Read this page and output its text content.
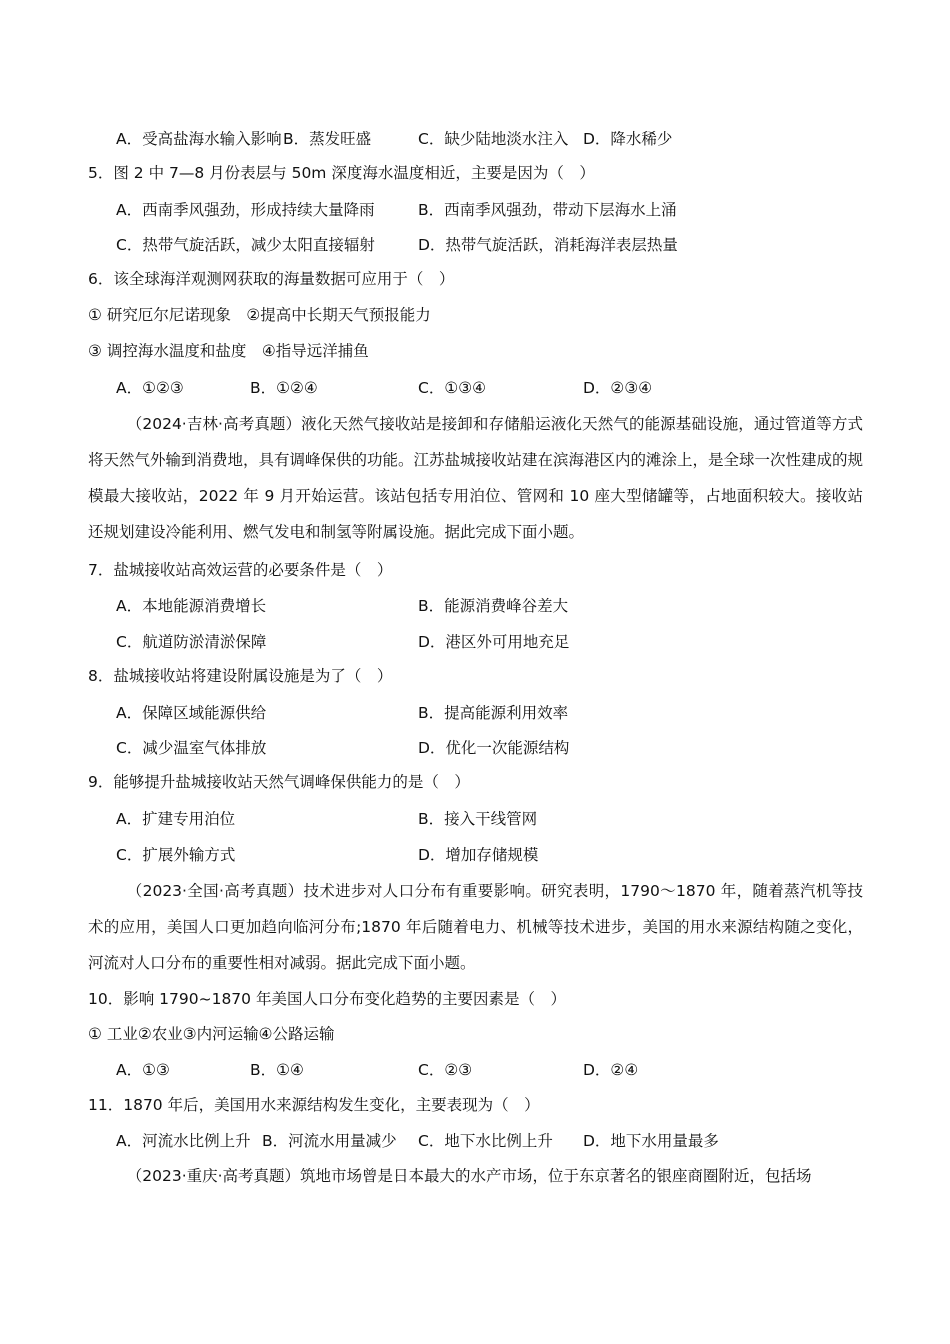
A．受高盐海水输入影响 B．蒸发旺盛	C．缺少陆地淡水注入 D．降水稀少
5．图 2 中 7—8 月份表层与 50m 深度海水温度相近，主要是因为（　）
A．西南季风强劲，形成持续大量降雨	B．西南季风强劲，带动下层海水上涌
C．热带气旋活跃，减少太阳直接辐射	D．热带气旋活跃，消耗海洋表层热量
6．该全球海洋观测网获取的海量数据可应用于（　）
① 研究厄尔尼诺现象　②提高中长期天气预报能力
③ 调控海水温度和盐度　④指导远洋捕鱼
A．①②③	B．①②④	C．①③④	D．②③④
（2024·吉林·高考真题）液化天然气接收站是接卸和存储船运液化天然气的能源基础设施，通过管道等方式将天然气外输到消费地，具有调峰保供的功能。江苏盐城接收站建在滨海港区内的滩涂上，是全球一次性建成的规模最大接收站，2022 年 9 月开始运营。该站包括专用泊位、管网和 10 座大型储罐等，占地面积较大。接收站还规划建设冷能利用、燃气发电和制氢等附属设施。据此完成下面小题。
7．盐城接收站高效运营的必要条件是（　）
A．本地能源消费增长	B．能源消费峰谷差大
C．航道防淤清淤保障	D．港区外可用地充足
8．盐城接收站将建设附属设施是为了（　）
A．保障区域能源供给	B．提高能源利用效率
C．减少温室气体排放	D．优化一次能源结构
9．能够提升盐城接收站天然气调峰保供能力的是（　）
A．扩建专用泊位	B．接入干线管网
C．扩展外输方式	D．增加存储规模
（2023·全国·高考真题）技术进步对人口分布有重要影响。研究表明，1790～1870 年，随着蒸汽机等技术的应用，美国人口更加趋向临河分布;1870 年后随着电力、机械等技术进步，美国的用水来源结构随之变化，河流对人口分布的重要性相对减弱。据此完成下面小题。
10．影响 1790~1870 年美国人口分布变化趋势的主要因素是（　）
① 工业②农业③内河运输④公路运输
A．①③	B．①④	C．②③	D．②④
11．1870 年后，美国用水来源结构发生变化，主要表现为（　）
A．河流水比例上升 B．河流水用量减少 C．地下水比例上升 D．地下水用量最多
（2023·重庆·高考真题）筑地市场曾是日本最大的水产市场，位于东京著名的银座商圈附近，包括场
